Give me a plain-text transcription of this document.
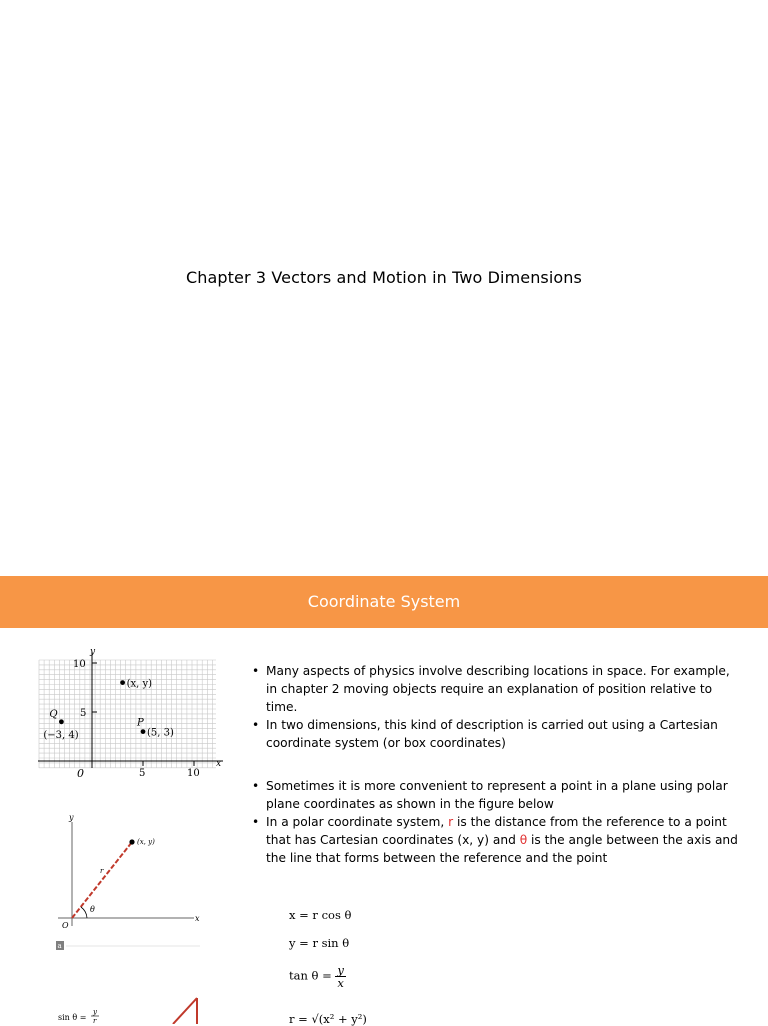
Chapter 3 Vectors and Motion in Two Dimensions
Coordinate System
y
x
10
5
0	5	10
(−3, 4)
Q
(5, 3)
P
(x, y)
• Many aspects of physics involve describing locations in space. For example, in chapter 2 moving objects require an explanation of position relative to time.
• In two dimensions, this kind of description is carried out using a Cartesian coordinate system (or box coordinates)
• Sometimes it is more convenient to represent a point in a plane using polar plane coordinates as shown in the figure below
• In a polar coordinate system, r is the distance from the reference to a point that has Cartesian coordinates (x, y) and θ is the angle between the axis and the line that forms between the reference and the point
y
x
O
θ
r
(x, y)
a
sin θ =
y
r
x = r cos θ
y = r sin θ
$\tan \theta = \frac{y}{x}$
r = √(x² + y²)
